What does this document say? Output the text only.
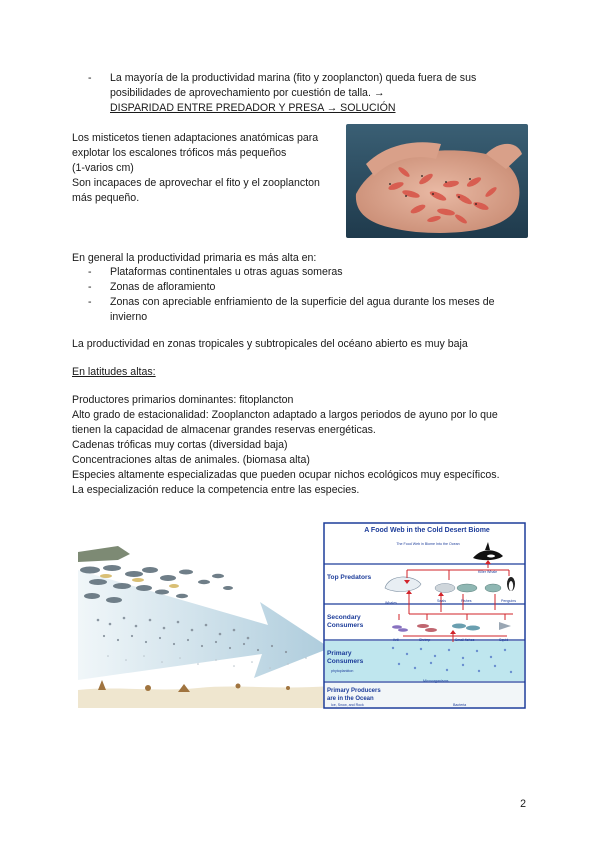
- La mayoría de la productividad marina (fito y zooplancton) queda fuera de sus
posibilidades de aprovechamiento por cuestión de talla. →
DISPARIDAD ENTRE PREDADOR Y PRESA → SOLUCIÓN

Los misticetos tienen adaptaciones anatómicas para

explotar los escalones tróficos más pequeños

(1-varios cm)

Son incapaces de aprovechar el fito y el zooplancton

más pequeño.

En general la productividad primaria es más alta en:
- Plataformas continentales u otras aguas someras
- Zonas de afloramiento
- Zonas con apreciable enfriamiento de la superficie del agua durante los meses de
invierno
La productividad en zonas tropicales y subtropicales del océano abierto es muy baja
En latitudes altas:

Productores primarios dominantes: fitoplancton

Alto grado de estacionalidad: Zooplancton adaptado a largos periodos de ayuno por lo que

tienen la capacidad de almacenar grandes reservas energéticas.

Cadenas tróficas muy cortas (diversidad baja)

Concentraciones altas de animales. (biomasa alta)

Especies altamente especializadas que pueden ocupar nichos ecológicos muy específicos.

La especialización reduce la competencia entre las especies.

A Food Web in the Cold Desert Biome
The Food Web in Biome Into the Ocean
Top Predators
Secondary Consumers
Primary Consumers
Primary Producers are in the Ocean
Killer Whale
Whales	Seals	Fishes	Penguins
Krill	Shrimp	Small fishes	Squid
Microorganisms
phytoplankton
Ice, Snow, and Rock	Bacteria
2
